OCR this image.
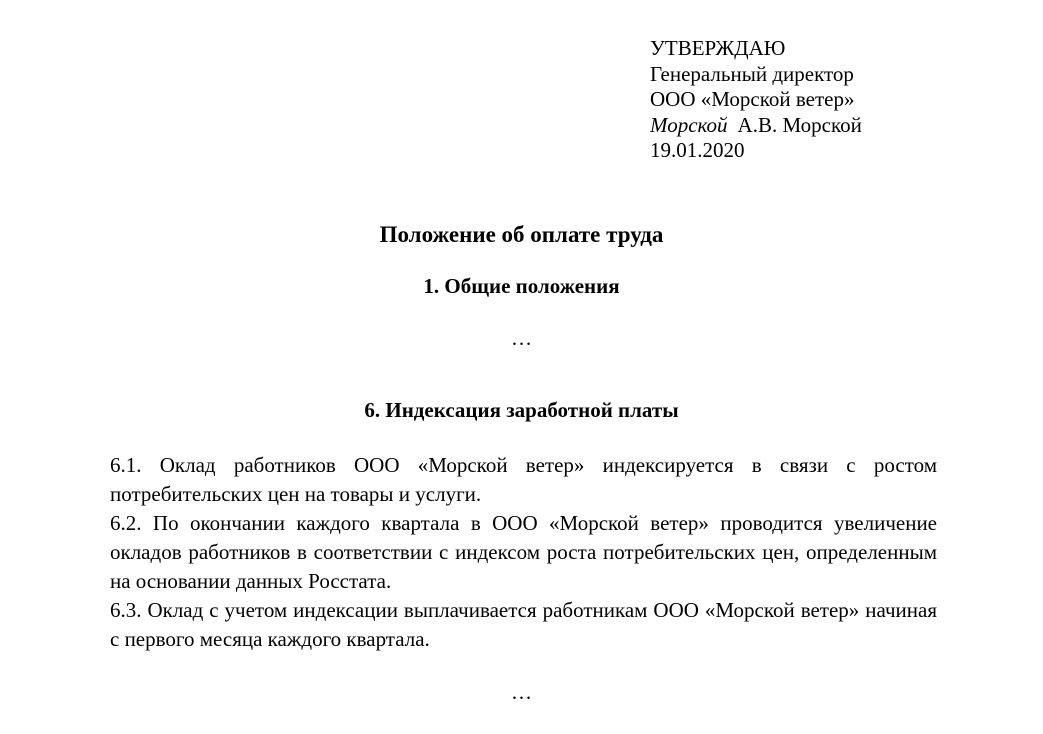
УТВЕРЖДАЮ
Генеральный директор
ООО «Морской ветер»
Морской А.В. Морской
19.01.2020
Положение об оплате труда
1. Общие положения
…
6. Индексация заработной платы

6.1. Оклад работников ООО «Морской ветер» индексируется в связи с ростом потребительских цен на товары и услуги.

6.2. По окончании каждого квартала в ООО «Морской ветер» проводится увеличение окладов работников в соответствии с индексом роста потребительских цен, определенным на основании данных Росстата.

6.3. Оклад с учетом индексации выплачивается работникам ООО «Морской ветер» начиная с первого месяца каждого квартала.

…
